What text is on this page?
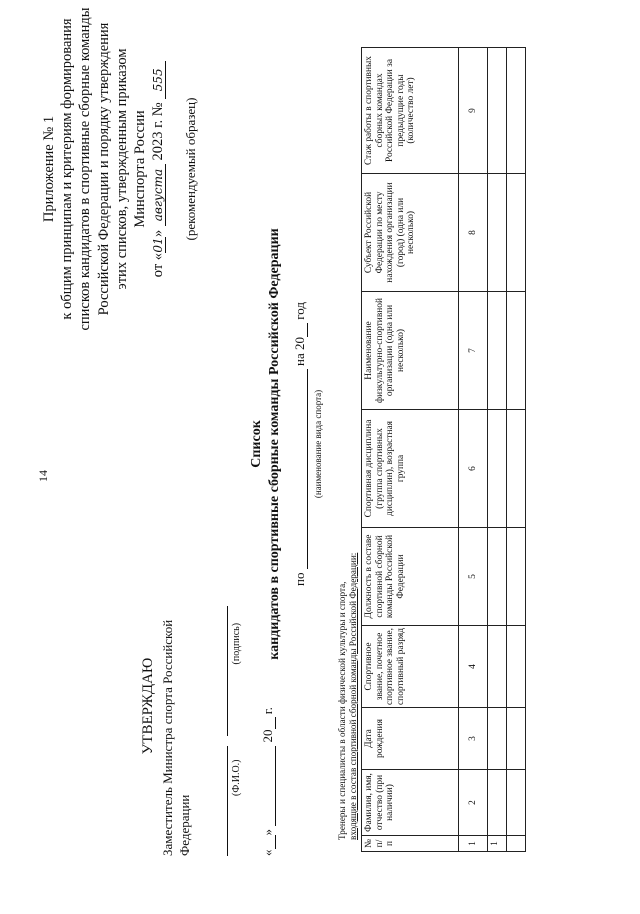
14
Приложение № 1 к общим принципам и критериям формирования списков кандидатов в спортивные сборные команды Российской Федерации и порядку утверждения этих списков, утвержденным приказом Минспорта России
от «01» августа 2023 г. № 555
(рекомендуемый образец)
УТВЕРЖДАЮ Заместитель Министра спорта Российской Федерации

(Ф.И.О.)  (подпись)
«»  20 г.
Список кандидатов в спортивные сборные команды Российской Федерации по  на 20 год
(наименование вида спорта)
Тренеры и специалисты в области физической культуры и спорта, входящие в состав спортивной сборной команды Российской Федерации:
№ п/п	Фамилия, имя, отчество (при наличии)	Дата рождения	Спортивное звание, почетное спортивное звание, спортивный разряд	Должность в составе спортивной сборной команды Российской Федерации	Спортивная дисциплина (группа спортивных дисциплин), возрастная группа	Наименование физкультурно-спортивной организации (одна или несколько)	Субъект Российской Федерации по месту нахождения организации (город) (одна или несколько)	Стаж работы в спортивных сборных командах Российской Федерации за предыдущие годы (количество лет)
1	2	3	4	5	6	7	8	9
1								
